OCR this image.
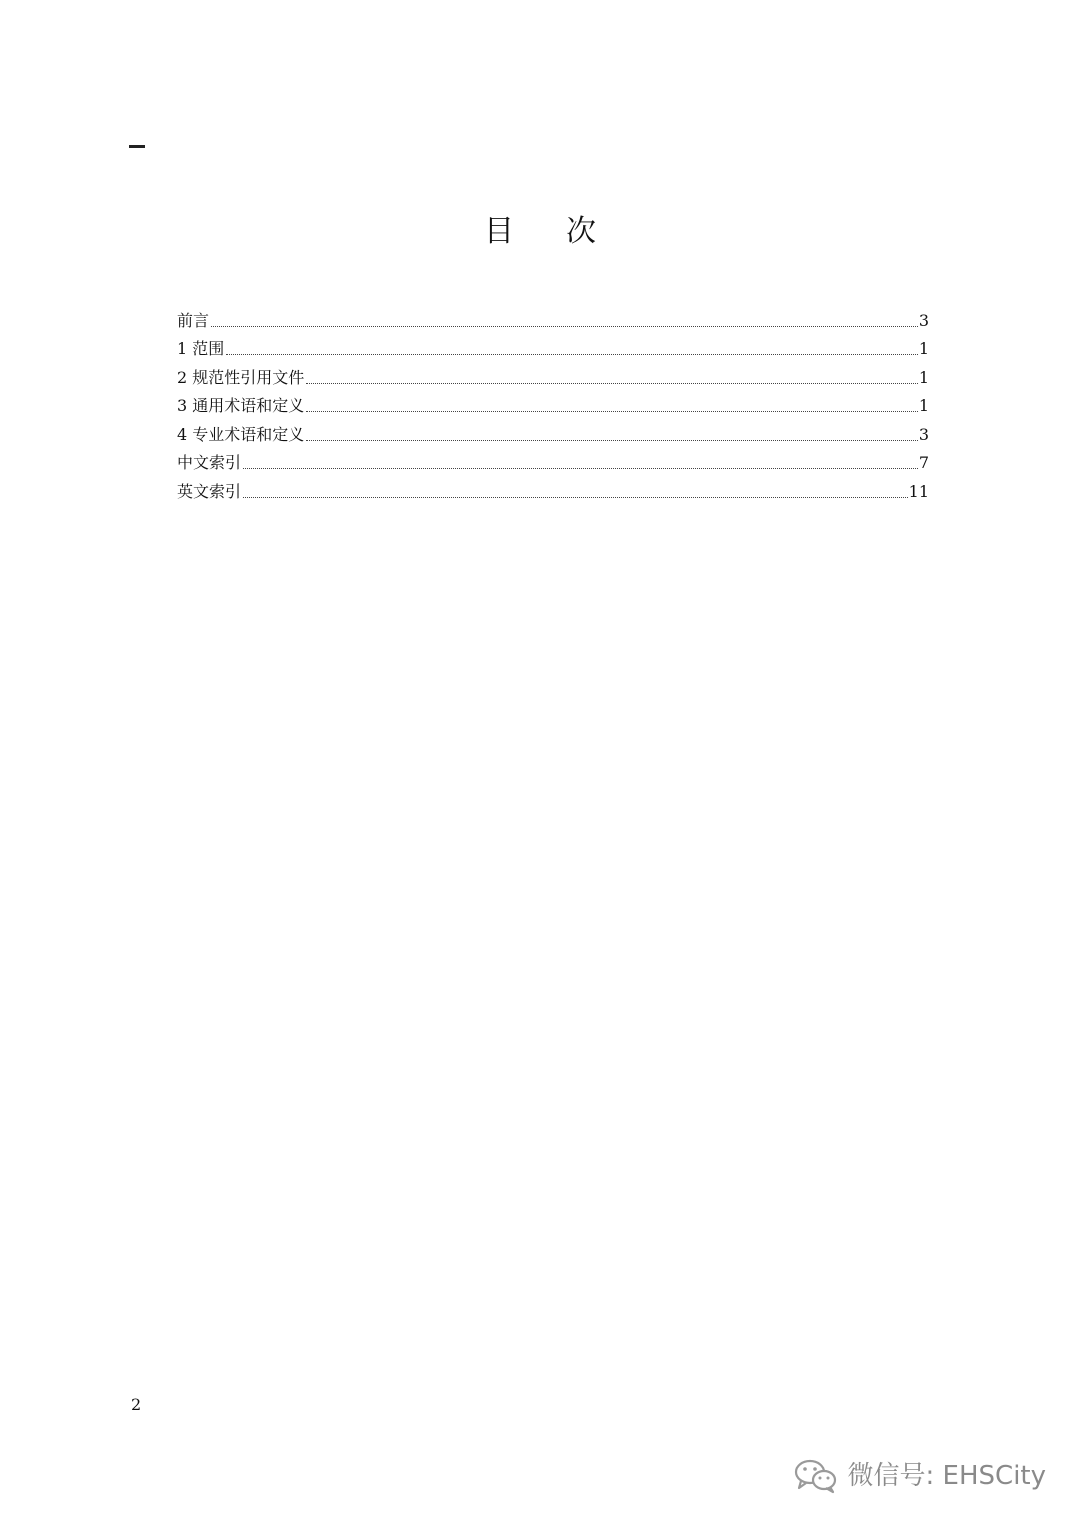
目 次
前言	3
1 范围	1
2 规范性引用文件	1
3 通用术语和定义	1
4 专业术语和定义	3
中文索引	7
英文索引	11
2
微信号: EHSCity
